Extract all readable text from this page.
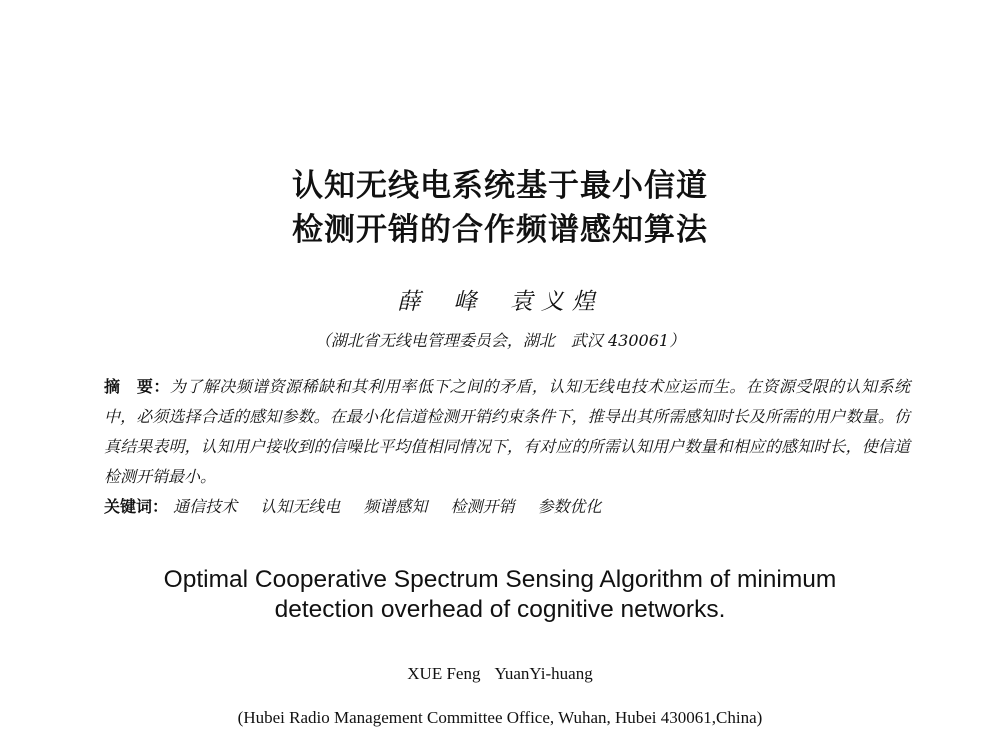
认知无线电系统基于最小信道
检测开销的合作频谱感知算法
薛 峰 袁义煌
（湖北省无线电管理委员会，湖北　武汉 430061）
摘　要：为了解决频谱资源稀缺和其利用率低下之间的矛盾，认知无线电技术应运而生。在资源受限的认知系统中，必须选择合适的感知参数。在最小化信道检测开销约束条件下，推导出其所需感知时长及所需的用户数量。仿真结果表明，认知用户接收到的信噪比平均值相同情况下，有对应的所需认知用户数量和相应的感知时长，使信道检测开销最小。
关键词： 通信技术 认知无线电 频谱感知 检测开销 参数优化
Optimal Cooperative Spectrum Sensing Algorithm of minimum
detection overhead of cognitive networks.
XUE Feng YuanYi-huang
(Hubei Radio Management Committee Office, Wuhan, Hubei 430061,China)
